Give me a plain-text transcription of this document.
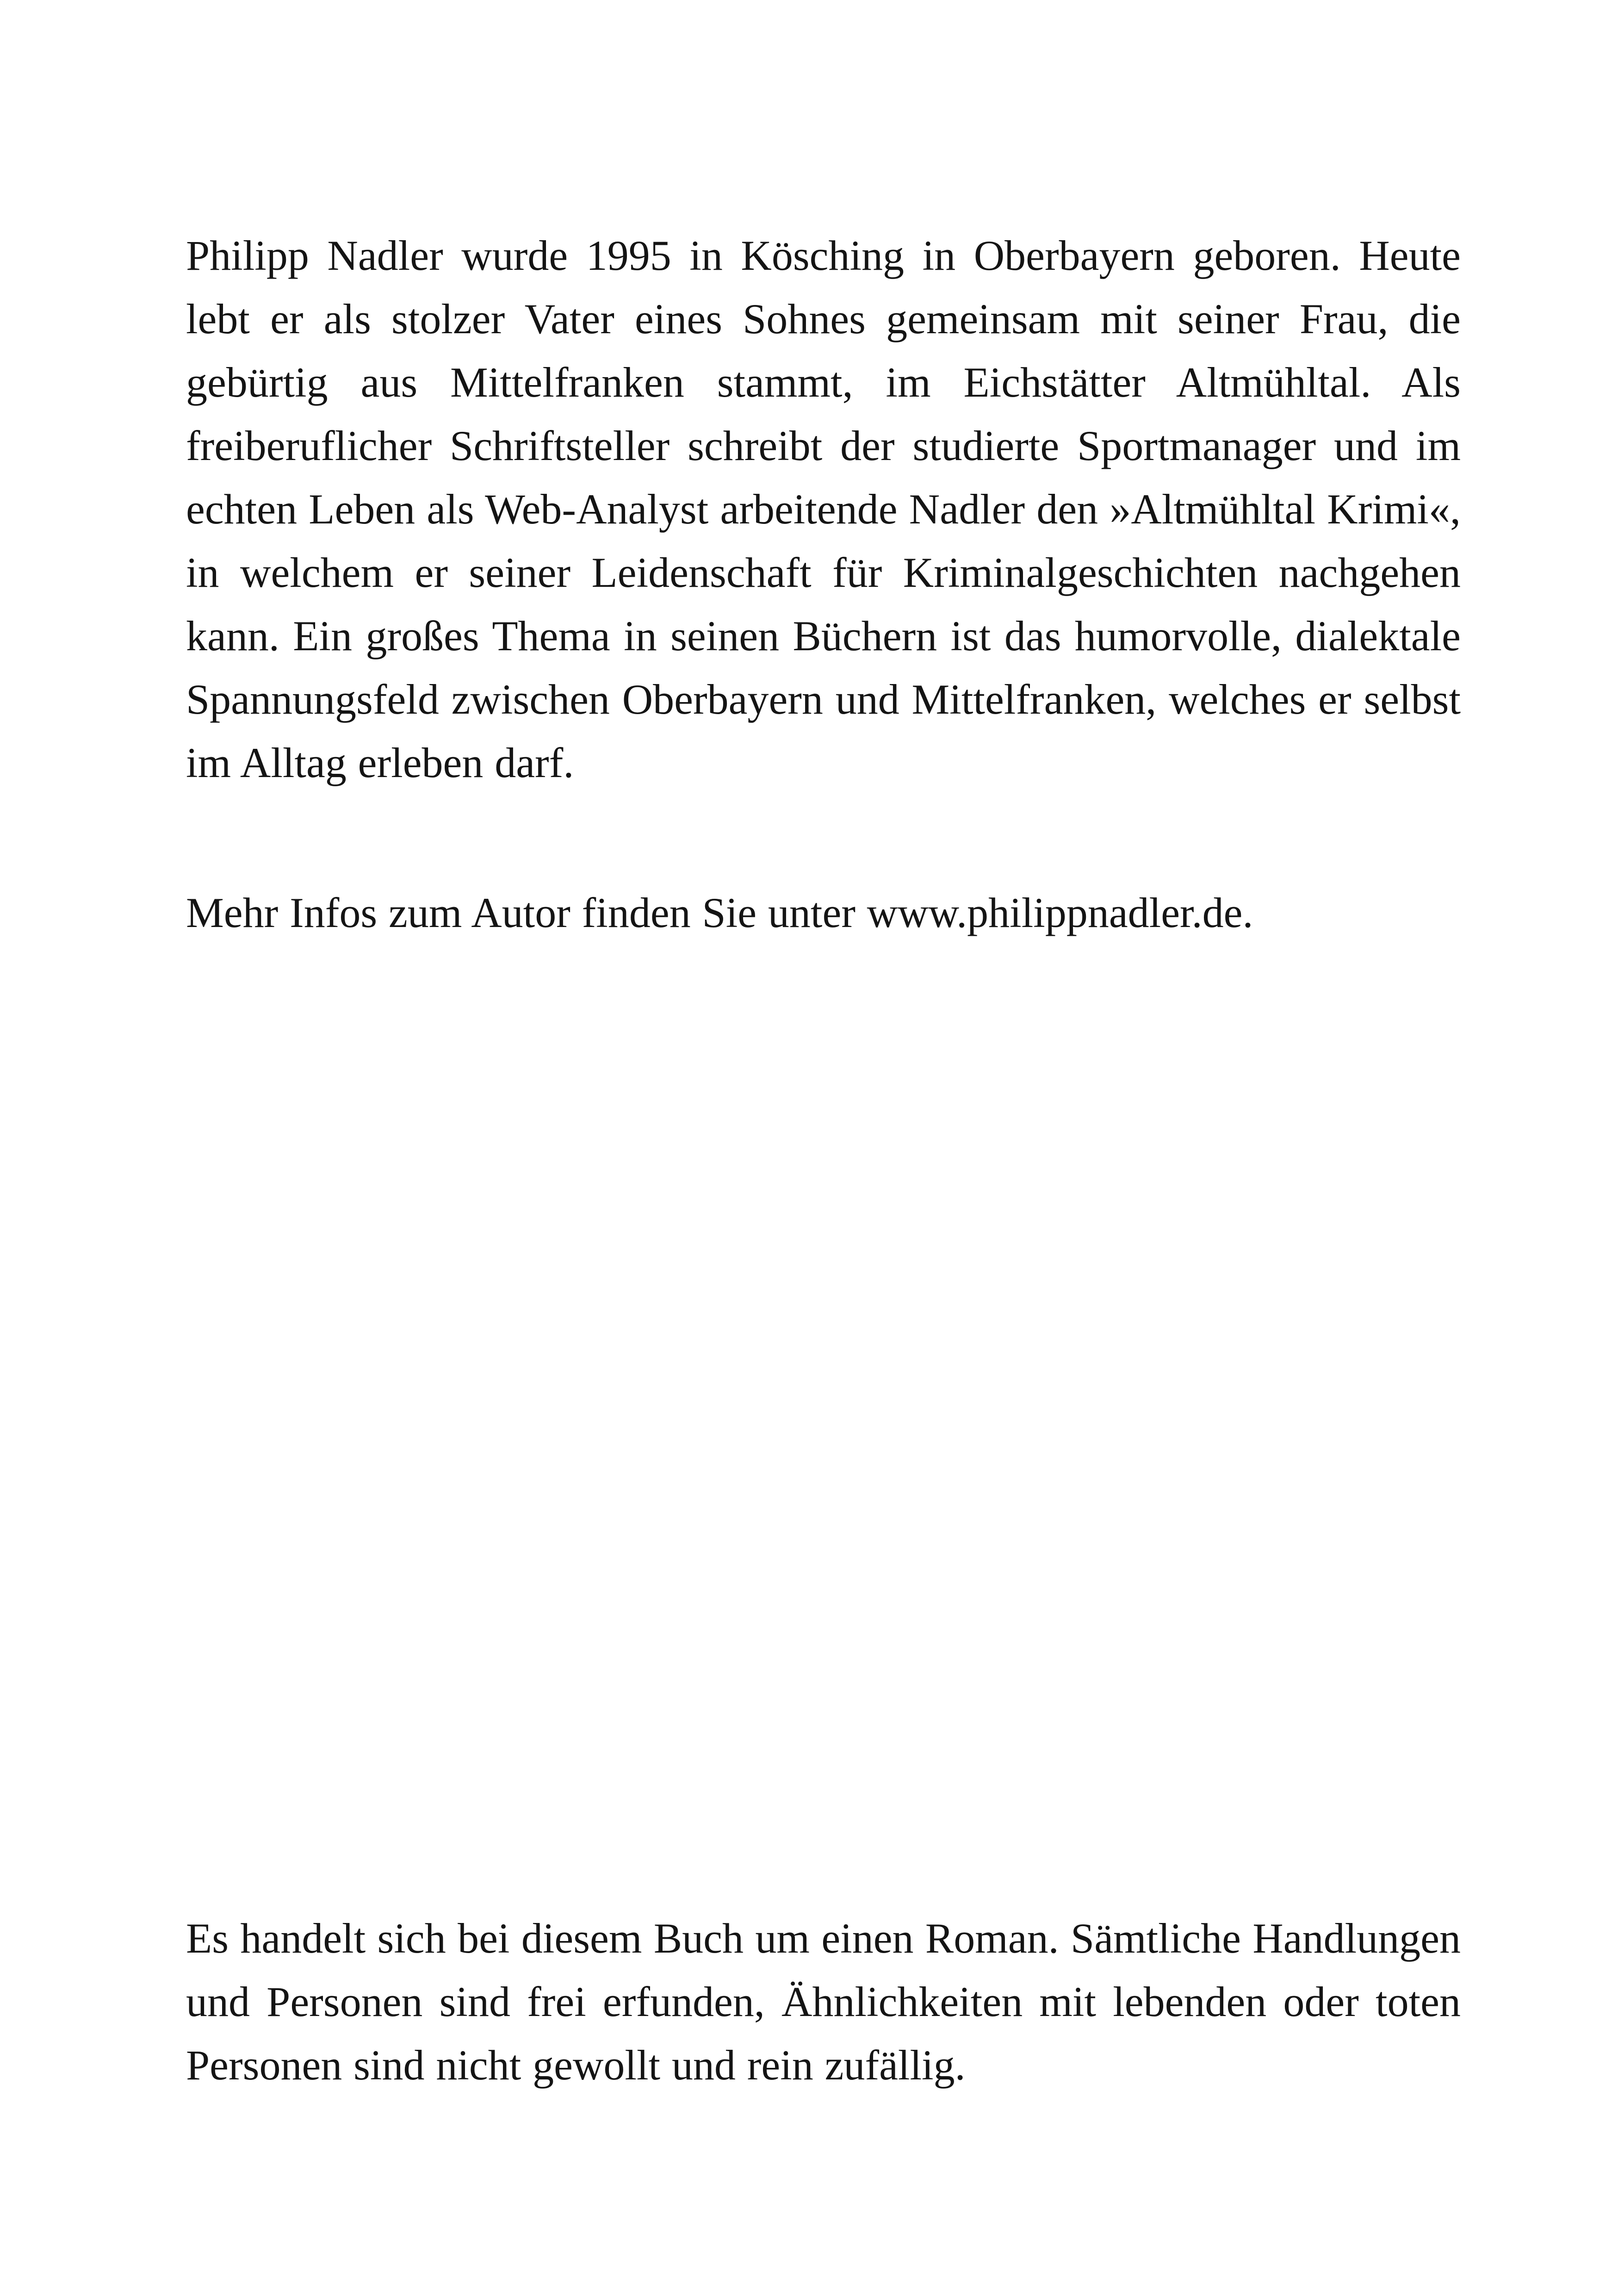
Philipp Nadler wurde 1995 in Kösching in Oberbayern geboren. Heute lebt er als stolzer Vater eines Sohnes gemeinsam mit seiner Frau, die gebürtig aus Mittelfranken stammt, im Eichstätter Altmühltal. Als freiberuflicher Schriftsteller schreibt der studierte Sportmanager und im echten Leben als Web-Analyst arbeitende Nadler den »Altmühltal Krimi«, in welchem er seiner Leidenschaft für Kriminalgeschichten nachgehen kann. Ein großes Thema in seinen Büchern ist das humorvolle, dialektale Spannungsfeld zwischen Oberbayern und Mittelfranken, welches er selbst im Alltag erleben darf.

Mehr Infos zum Autor finden Sie unter www.philippnadler.de.

Es handelt sich bei diesem Buch um einen Roman. Sämtliche Handlungen und Personen sind frei erfunden, Ähnlichkeiten mit lebenden oder toten Personen sind nicht gewollt und rein zufällig.
